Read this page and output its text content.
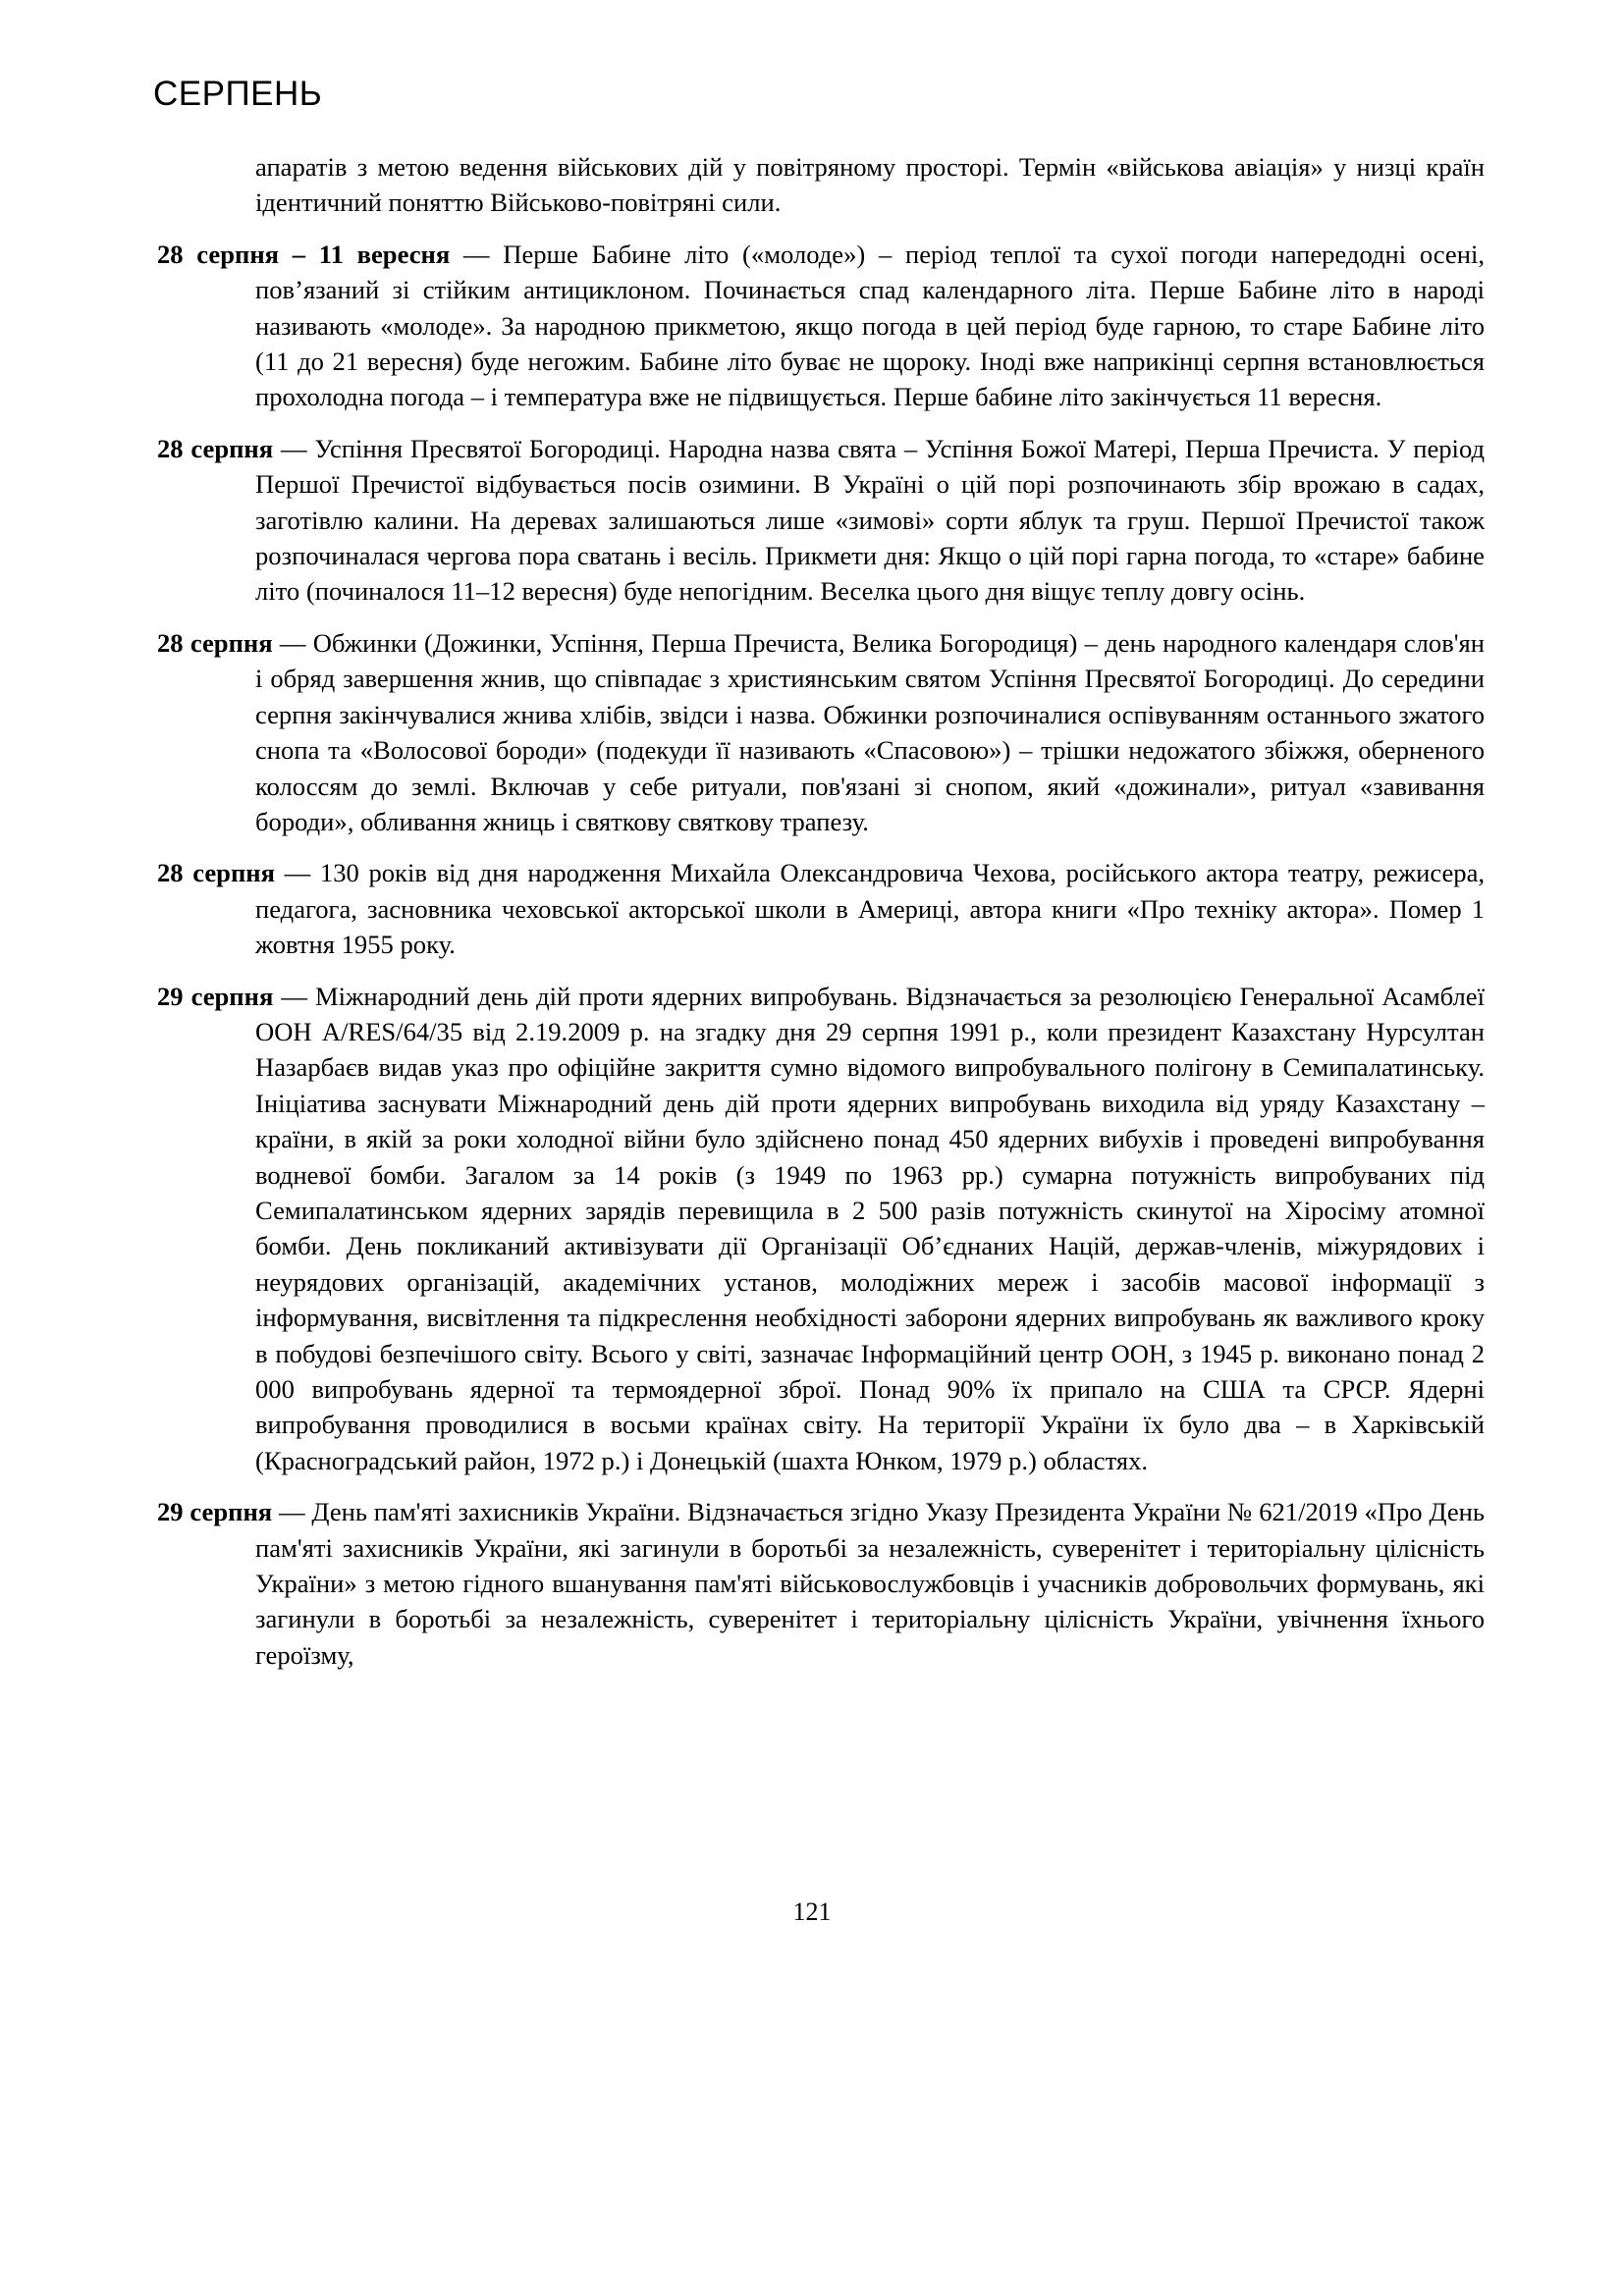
СЕРПЕНЬ

апаратів з метою ведення військових дій у повітряному просторі. Термін «військова авіація» у низці країн ідентичний поняттю Військово-повітряні сили.

28 серпня – 11 вересня — Перше Бабине літо («молоде») – період теплої та сухої погоди напередодні осені, пов’язаний зі стійким антициклоном. Починається спад календарного літа. Перше Бабине літо в народі називають «молоде». За народною прикметою, якщо погода в цей період буде гарною, то старе Бабине літо (11 до 21 вересня) буде негожим. Бабине літо буває не щороку. Іноді вже наприкінці серпня встановлюється прохолодна погода – і температура вже не підвищується. Перше бабине літо закінчується 11 вересня.

28 серпня — Успіння Пресвятої Богородиці. Народна назва свята – Успіння Божої Матері, Перша Пречиста. У період Першої Пречистої відбувається посів озимини. В Україні о цій порі розпочинають збір врожаю в садах, заготівлю калини. На деревах залишаються лише «зимові» сорти яблук та груш. Першої Пречистої також розпочиналася чергова пора сватань і весіль. Прикмети дня: Якщо о цій порі гарна погода, то «старе» бабине літо (починалося 11–12 вересня) буде непогідним. Веселка цього дня віщує теплу довгу осінь.

28 серпня — Обжинки (Дожинки, Успіння, Перша Пречиста, Велика Богородиця) – день народного календаря слов'ян і обряд завершення жнив, що співпадає з християнським святом Успіння Пресвятої Богородиці. До середини серпня закінчувалися жнива хлібів, звідси і назва. Обжинки розпочиналися оспівуванням останнього зжатого снопа та «Волосової бороди» (подекуди її називають «Спасовою») – трішки недожатого збіжжя, оберненого колоссям до землі. Включав у себе ритуали, пов'язані зі снопом, який «дожинали», ритуал «завивання бороди», обливання жниць і святкову святкову трапезу.

28 серпня — 130 років від дня народження Михайла Олександровича Чехова, російського актора театру, режисера, педагога, засновника чеховської акторської школи в Америці, автора книги «Про техніку актора». Помер 1 жовтня 1955 року.

29 серпня — Міжнародний день дій проти ядерних випробувань. Відзначається за резолюцією Генеральної Асамблеї ООН A/RES/64/35 від 2.19.2009 р. на згадку дня 29 серпня 1991 р., коли президент Казахстану Нурсултан Назарбаєв видав указ про офіційне закриття сумно відомого випробувального полігону в Семипалатинську. Ініціатива заснувати Міжнародний день дій проти ядерних випробувань виходила від уряду Казахстану – країни, в якій за роки холодної війни було здійснено понад 450 ядерних вибухів і проведені випробування водневої бомби. Загалом за 14 років (з 1949 по 1963 рр.) сумарна потужність випробуваних під Семипалатинськом ядерних зарядів перевищила в 2 500 разів потужність скинутої на Хіросіму атомної бомби. День покликаний активізувати дії Організації Об’єднаних Націй, держав-членів, міжурядових і неурядових організацій, академічних установ, молодіжних мереж і засобів масової інформації з інформування, висвітлення та підкреслення необхідності заборони ядерних випробувань як важливого кроку в побудові безпечішого світу. Всього у світі, зазначає Інформаційний центр ООН, з 1945 р. виконано понад 2 000 випробувань ядерної та термоядерної зброї. Понад 90% їх припало на США та СРСР. Ядерні випробування проводилися в восьми країнах світу. На території України їх було два – в Харківській (Красноградський район, 1972 р.) і Донецькій (шахта Юнком, 1979 р.) областях.

29 серпня — День пам'яті захисників України. Відзначається згідно Указу Президента України № 621/2019 «Про День пам'яті захисників України, які загинули в боротьбі за незалежність, суверенітет і територіальну цілісність України» з метою гідного вшанування пам'яті військовослужбовців і учасників добровольчих формувань, які загинули в боротьбі за незалежність, суверенітет і територіальну цілісність України, увічнення їхнього героїзму,

121
